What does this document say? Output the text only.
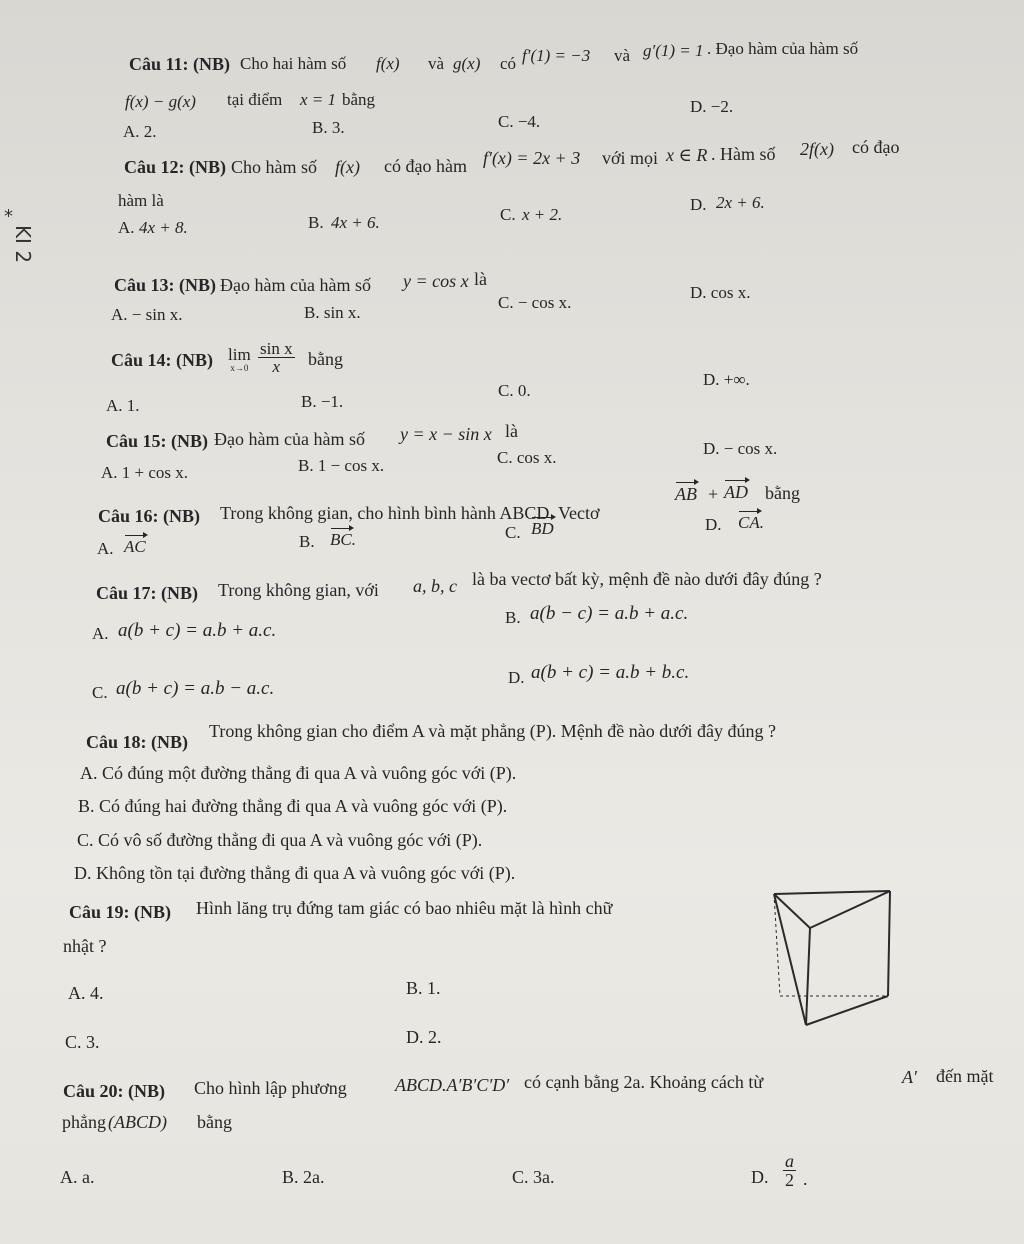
*
KI 2
Câu 11: (NB) Cho hai hàm số f(x) và g(x) có f′(1) = −3 và g′(1) = 1 . Đạo hàm của hàm số
f(x) − g(x) tại điểm x = 1 bằng
A. 2.	B. 3.	C. −4.
D. −2.
Câu 12: (NB) Cho hàm số f(x) có đạo hàm f′(x) = 2x + 3 với mọi x ∈ R . Hàm số 2f(x) có đạo
hàm là
A. 4x + 8.	B. 4x + 6.	C. x + 2.
D. 2x + 6.
Câu 13: (NB) Đạo hàm của hàm số y = cos x là
A. − sin x.	B. sin x.
C. − cos x.
D. cos x.
Câu 14: (NB) lim
$x\to 0 \frac{\text{sin x}}{x}$ bằng
A. 1.	B. −1.
C. 0.
D. +∞.
Câu 15: (NB) Đạo hàm của hàm số y = x − sin x là
A. 1 + cos x.	B. 1 − cos x.	C. cos x.	D. − cos x.
Câu 16: (NB) Trong không gian, cho hình bình hành ABCD. Vectơ
AB + AD bằng
A. AC	B. BC.	C. BD	D. CA.
Câu 17: (NB) Trong không gian, với a, b, c là ba vectơ bất kỳ, mệnh đề nào dưới đây đúng ?
A. a(b + c) = a.b + a.c.
B. a(b − c) = a.b + a.c.
C. a(b + c) = a.b − a.c.
D. a(b + c) = a.b + b.c.
Câu 18: (NB)
Trong không gian cho điểm A và mặt phẳng (P). Mệnh đề nào dưới đây đúng ?
A. Có đúng một đường thẳng đi qua A và vuông góc với (P).
B. Có đúng hai đường thẳng đi qua A và vuông góc với (P).
C. Có vô số đường thẳng đi qua A và vuông góc với (P).
D. Không tồn tại đường thẳng đi qua A và vuông góc với (P).
Câu 19: (NB) Hình lăng trụ đứng tam giác có bao nhiêu mặt là hình chữ
nhật ?
A. 4.	B. 1.
C. 3.	D. 2.
Câu 20: (NB) Cho hình lập phương	ABCD.A′B′C′D′ có cạnh bằng 2a. Khoảng cách từ	A′ đến mặt
phẳng (ABCD) bằng
A. a.	B. 2a.	C. 3a.	D. $\frac{a}{2}$ .
